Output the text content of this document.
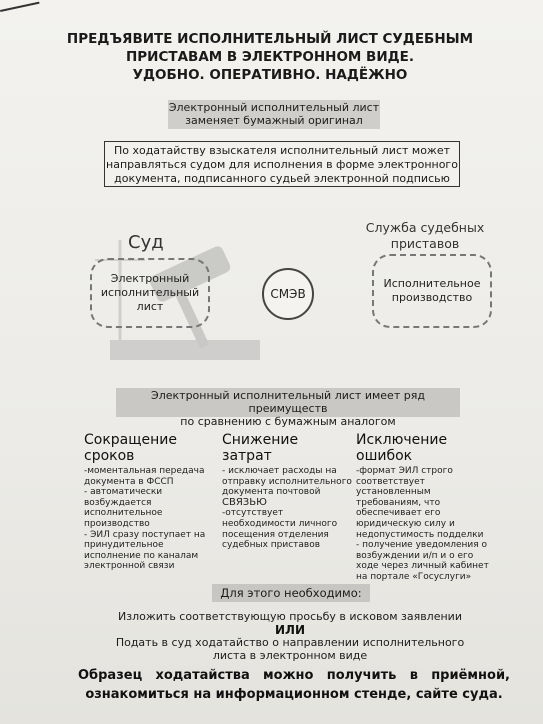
ПРЕДЪЯВИТЕ ИСПОЛНИТЕЛЬНЫЙ ЛИСТ СУДЕБНЫМ
ПРИСТАВАМ В ЭЛЕКТРОННОМ ВИДЕ.
УДОБНО. ОПЕРАТИВНО. НАДЁЖНО
Электронный исполнительный лист
заменяет бумажный оригинал
По ходатайству взыскателя исполнительный лист может
направляться судом для исполнения в форме электронного
документа, подписанного судьей электронной подписью
Суд
Служба судебных
приставов
Электронный
исполнительный
лист
СМЭВ
Исполнительное
производство
Электронный исполнительный лист имеет ряд преимуществ
по сравнению с бумажным аналогом
Сокращение сроков

-моментальная передача документа в ФССП

- автоматически возбуждается исполнительное производство

- ЭИЛ сразу поступает на принудительное исполнение по каналам электронной связи

Снижение затрат

- исключает расходы на отправку исполнительного документа почтовой

СВЯЗЬЮ

-отсутствует необходимости личного посещения отделения судебных приставов

Исключение ошибок

-формат ЭИЛ строго соответствует установленным требованиям, что обеспечивает его юридическую силу и недопустимость подделки

- получение уведомления о возбуждении и/п и о его ходе через личный кабинет на портале «Госуслуги»

Для этого необходимо:
Изложить соответствующую просьбу в исковом заявлении
ИЛИ
Подать в суд ходатайство о направлении исполнительного
листа в электронном виде
Образец ходатайства можно получить в приёмной,
ознакомиться на информационном стенде, сайте суда.
